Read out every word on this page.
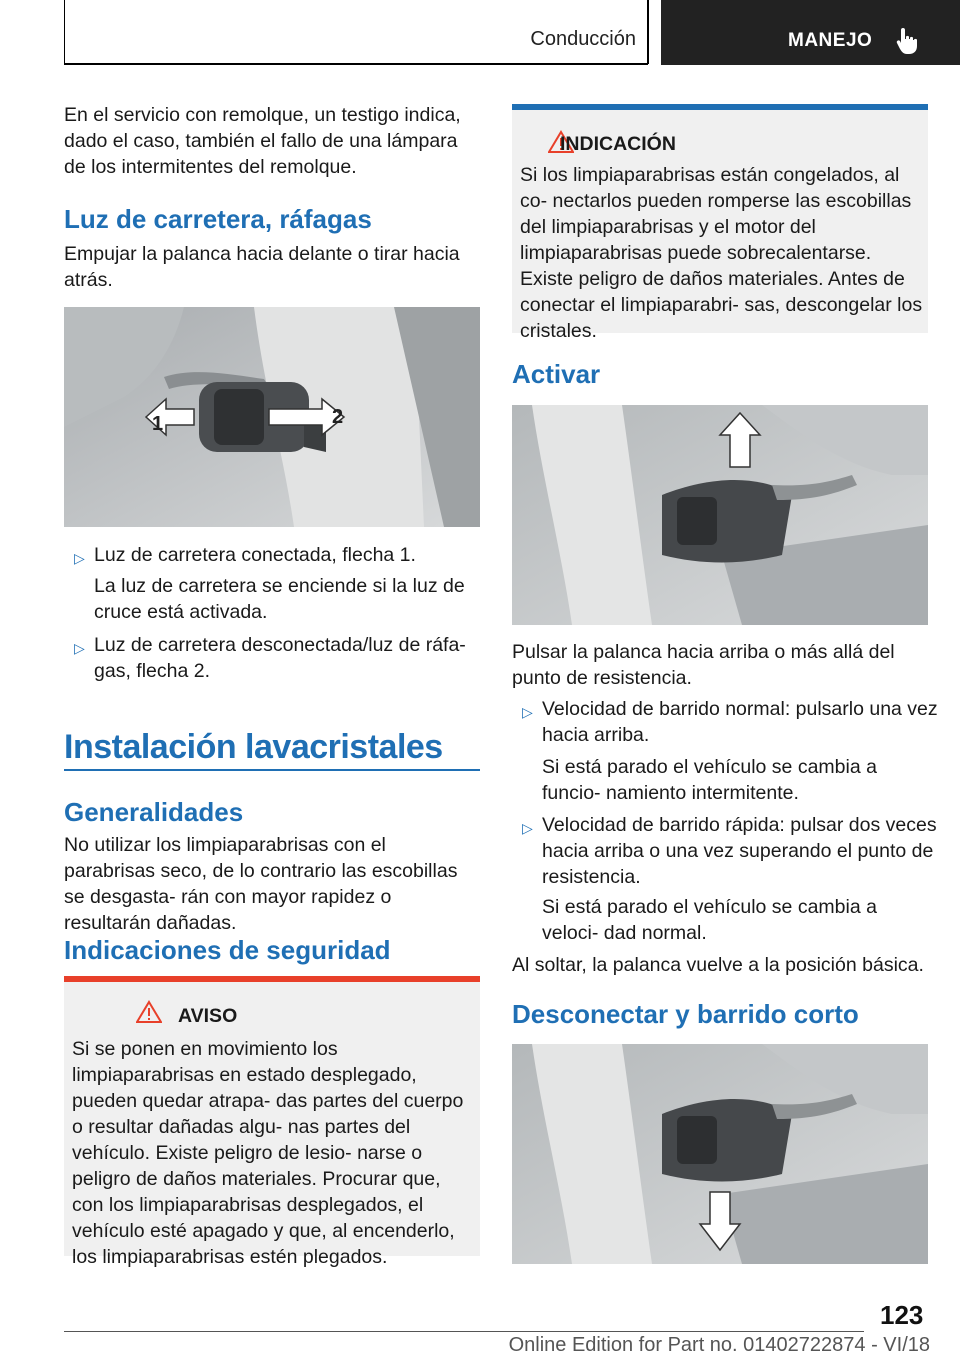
Conducción	MANEJO
En el servicio con remolque, un testigo indica, dado el caso, también el fallo de una lámpara de los intermitentes del remolque.
Luz de carretera, ráfagas
Empujar la palanca hacia delante o tirar hacia atrás.
1	2
▷ Luz de carretera conectada, flecha 1.
La luz de carretera se enciende si la luz de cruce está activada.
▷ Luz de carretera desconectada/luz de ráfa- gas, flecha 2.
Instalación lavacristales
Generalidades
No utilizar los limpiaparabrisas con el parabrisas seco, de lo contrario las escobillas se desgasta- rán con mayor rapidez o resultarán dañadas.
Indicaciones de seguridad
AVISO
Si se ponen en movimiento los limpiaparabrisas en estado desplegado, pueden quedar atrapa- das partes del cuerpo o resultar dañadas algu- nas partes del vehículo. Existe peligro de lesio- narse o peligro de daños materiales. Procurar que, con los limpiaparabrisas desplegados, el vehículo esté apagado y que, al encenderlo, los limpiaparabrisas estén plegados.
INDICACIÓN
Si los limpiaparabrisas están congelados, al co- nectarlos pueden romperse las escobillas del limpiaparabrisas y el motor del limpiaparabrisas puede sobrecalentarse. Existe peligro de daños materiales. Antes de conectar el limpiaparabri- sas, descongelar los cristales.
Activar
Pulsar la palanca hacia arriba o más allá del punto de resistencia.
▷ Velocidad de barrido normal: pulsarlo una vez hacia arriba.
Si está parado el vehículo se cambia a funcio- namiento intermitente.
▷ Velocidad de barrido rápida: pulsar dos veces hacia arriba o una vez superando el punto de resistencia.
Si está parado el vehículo se cambia a veloci- dad normal.
Al soltar, la palanca vuelve a la posición básica.
Desconectar y barrido corto
123
Online Edition for Part no. 01402722874 - VI/18
